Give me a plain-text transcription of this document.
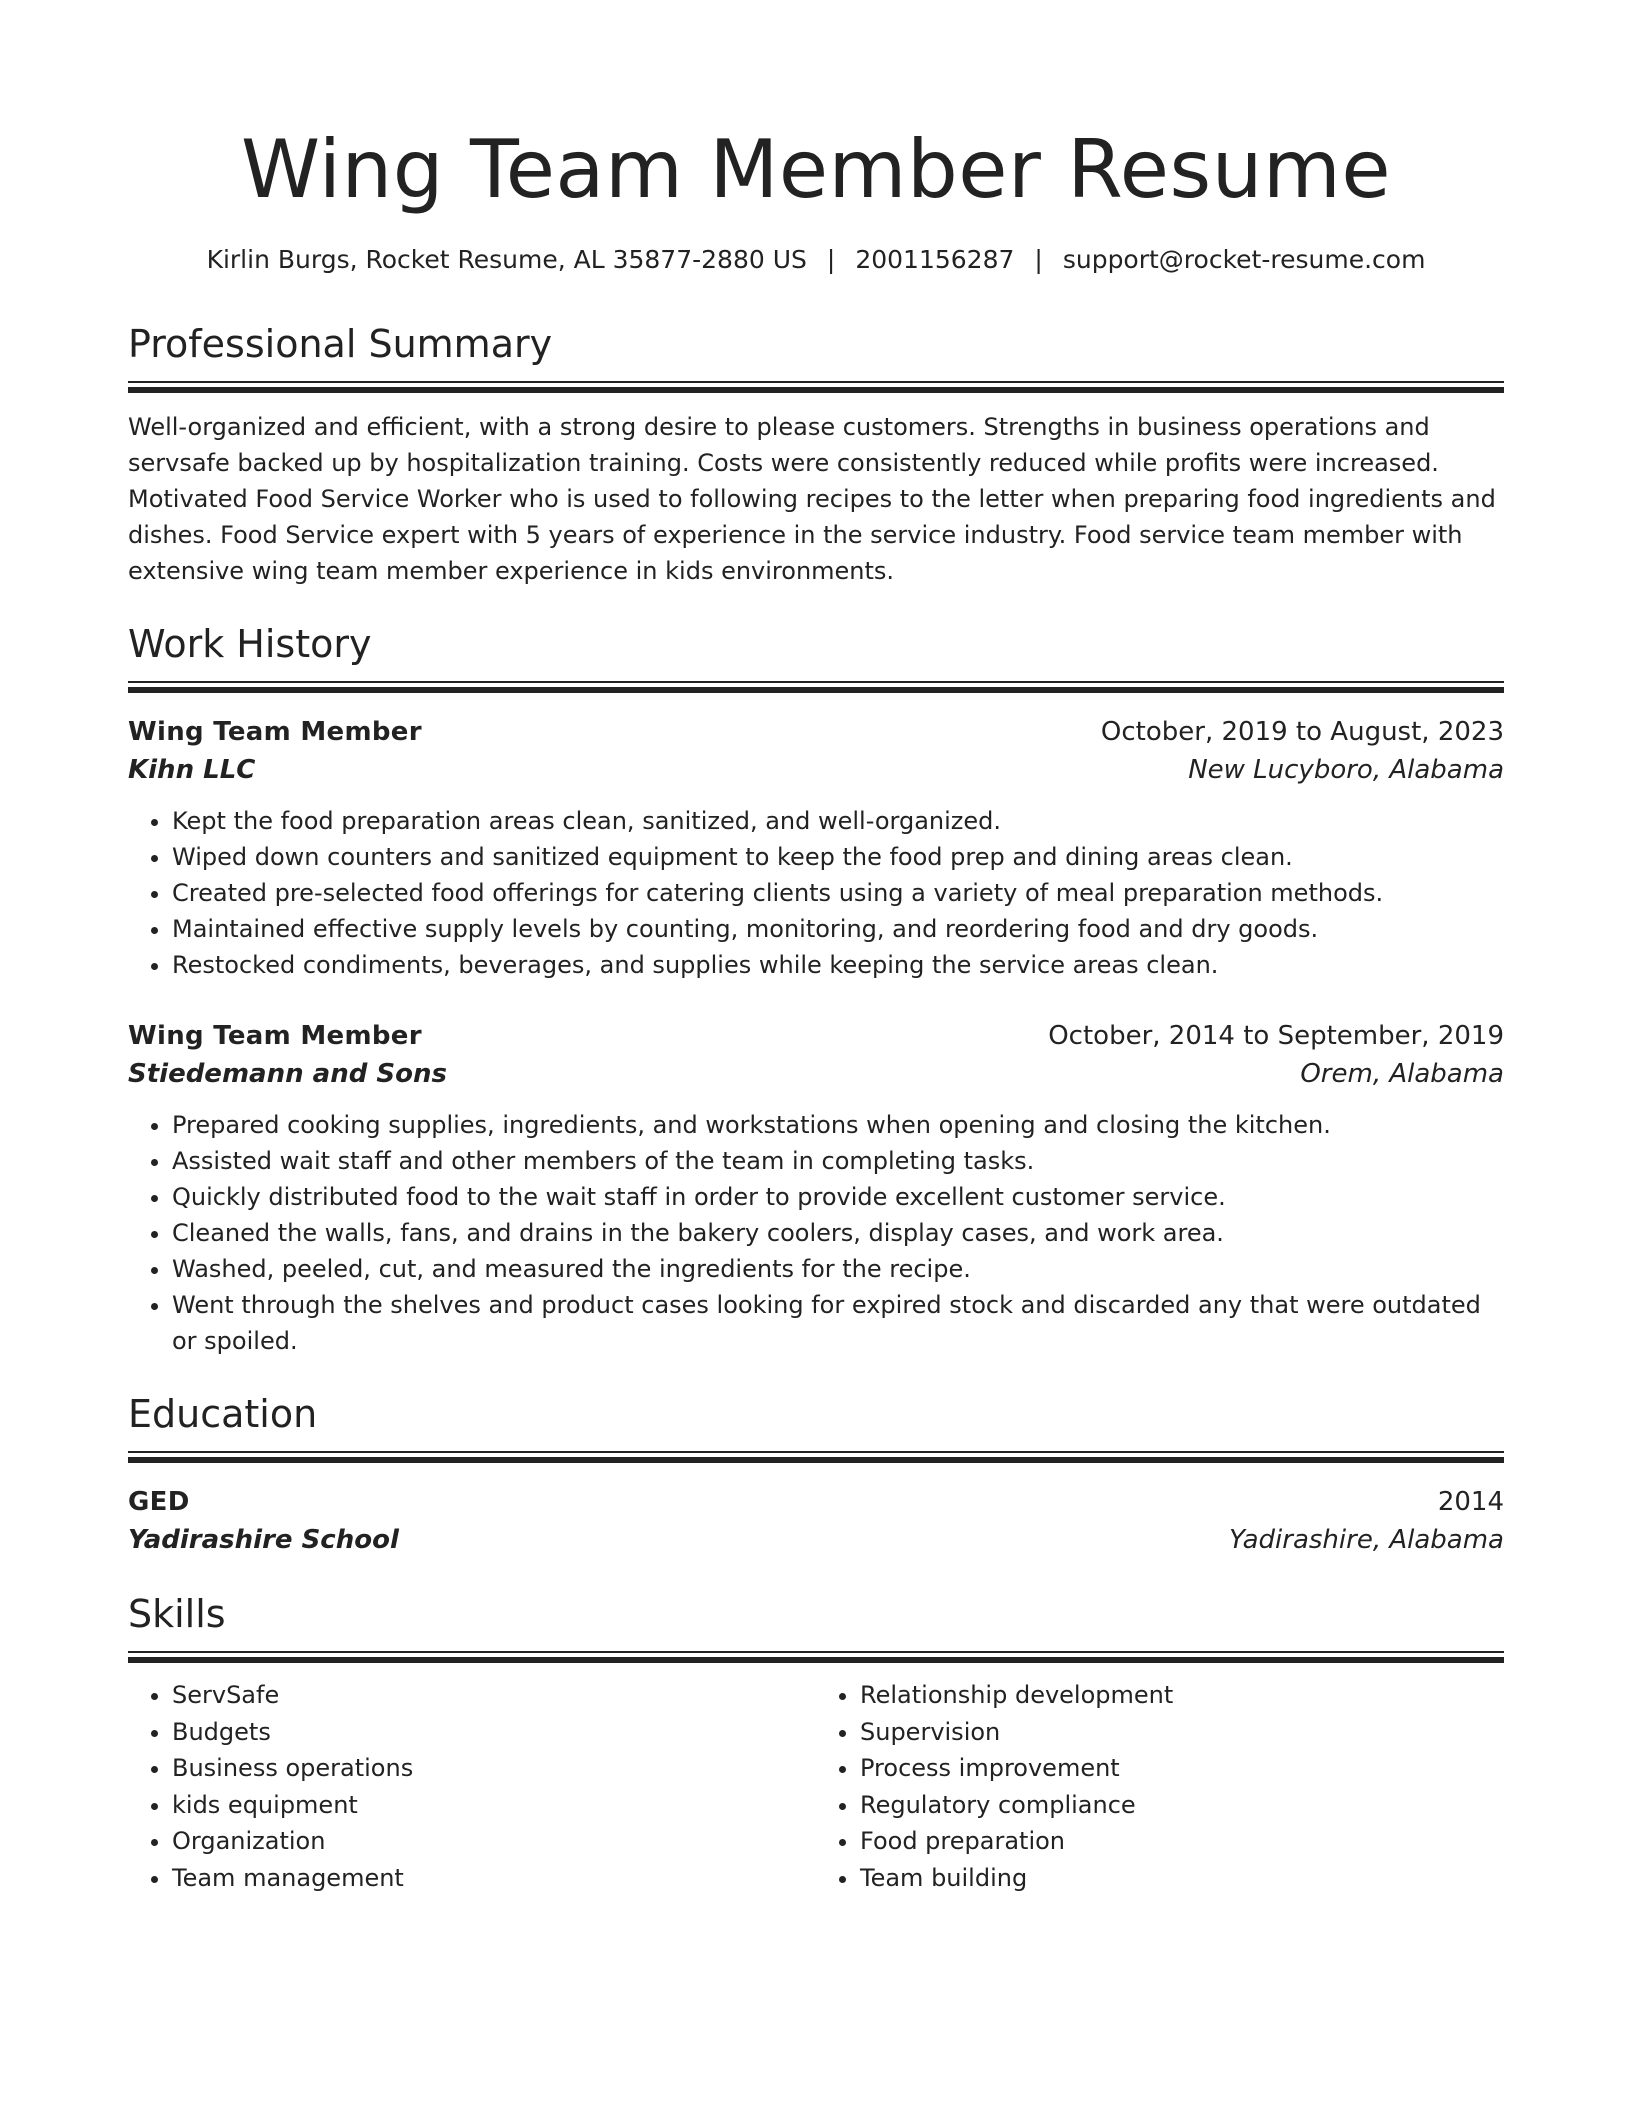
Wing Team Member Resume
Kirlin Burgs, Rocket Resume, AL 35877-2880 US | 2001156287 | support@rocket-resume.com
Professional Summary
Well-organized and efficient, with a strong desire to please customers. Strengths in business operations and servsafe backed up by hospitalization training. Costs were consistently reduced while profits were increased. Motivated Food Service Worker who is used to following recipes to the letter when preparing food ingredients and dishes. Food Service expert with 5 years of experience in the service industry. Food service team member with extensive wing team member experience in kids environments.
Work History
Wing Team Member	October, 2019 to August, 2023
Kihn LLC	New Lucyboro, Alabama
• Kept the food preparation areas clean, sanitized, and well-organized.
• Wiped down counters and sanitized equipment to keep the food prep and dining areas clean.
• Created pre-selected food offerings for catering clients using a variety of meal preparation methods.
• Maintained effective supply levels by counting, monitoring, and reordering food and dry goods.
• Restocked condiments, beverages, and supplies while keeping the service areas clean.
Wing Team Member	October, 2014 to September, 2019
Stiedemann and Sons	Orem, Alabama
• Prepared cooking supplies, ingredients, and workstations when opening and closing the kitchen.
• Assisted wait staff and other members of the team in completing tasks.
• Quickly distributed food to the wait staff in order to provide excellent customer service.
• Cleaned the walls, fans, and drains in the bakery coolers, display cases, and work area.
• Washed, peeled, cut, and measured the ingredients for the recipe.
• Went through the shelves and product cases looking for expired stock and discarded any that were outdated or spoiled.
Education
GED	2014
Yadirashire School	Yadirashire, Alabama
Skills
• ServSafe
• Budgets
• Business operations
• kids equipment
• Organization
• Team management
• Relationship development
• Supervision
• Process improvement
• Regulatory compliance
• Food preparation
• Team building
